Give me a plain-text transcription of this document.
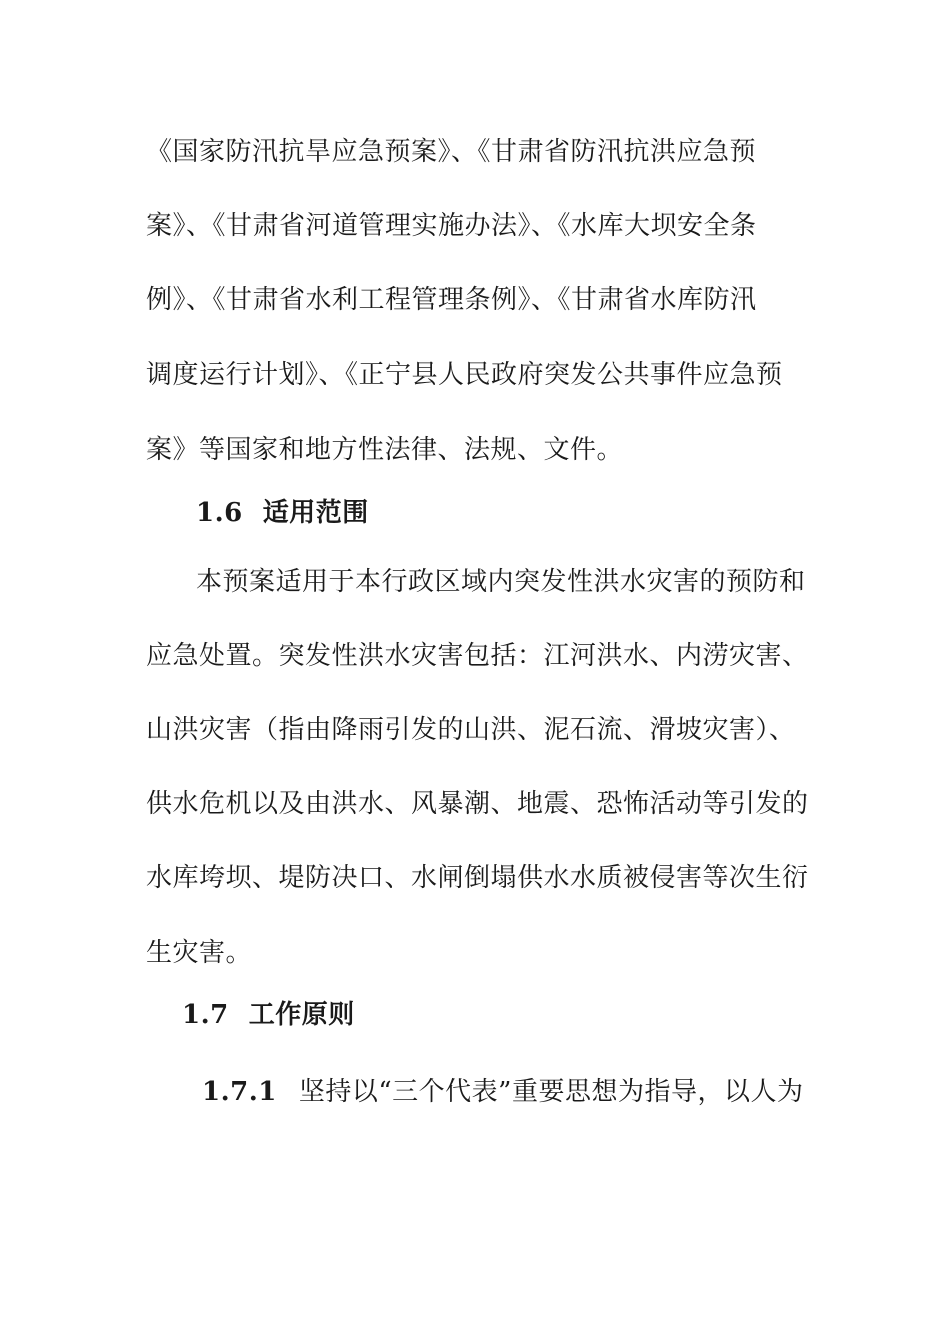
《国家防汛抗旱应急预案》、《甘肃省防汛抗洪应急预
案》、《甘肃省河道管理实施办法》、《水库大坝安全条
例》、《甘肃省水利工程管理条例》、《甘肃省水库防汛
调度运行计划》、《正宁县人民政府突发公共事件应急预
案》等国家和地方性法律、法规、文件。
1.6 适用范围
本预案适用于本行政区域内突发性洪水灾害的预防和
应急处置。突发性洪水灾害包括：江河洪水、内涝灾害、
山洪灾害（指由降雨引发的山洪、泥石流、滑坡灾害）、
供水危机以及由洪水、风暴潮、地震、恐怖活动等引发的
水库垮坝、堤防决口、水闸倒塌供水水质被侵害等次生衍
生灾害。
1.7 工作原则
1.7.1 坚持以“三个代表”重要思想为指导，以人为
